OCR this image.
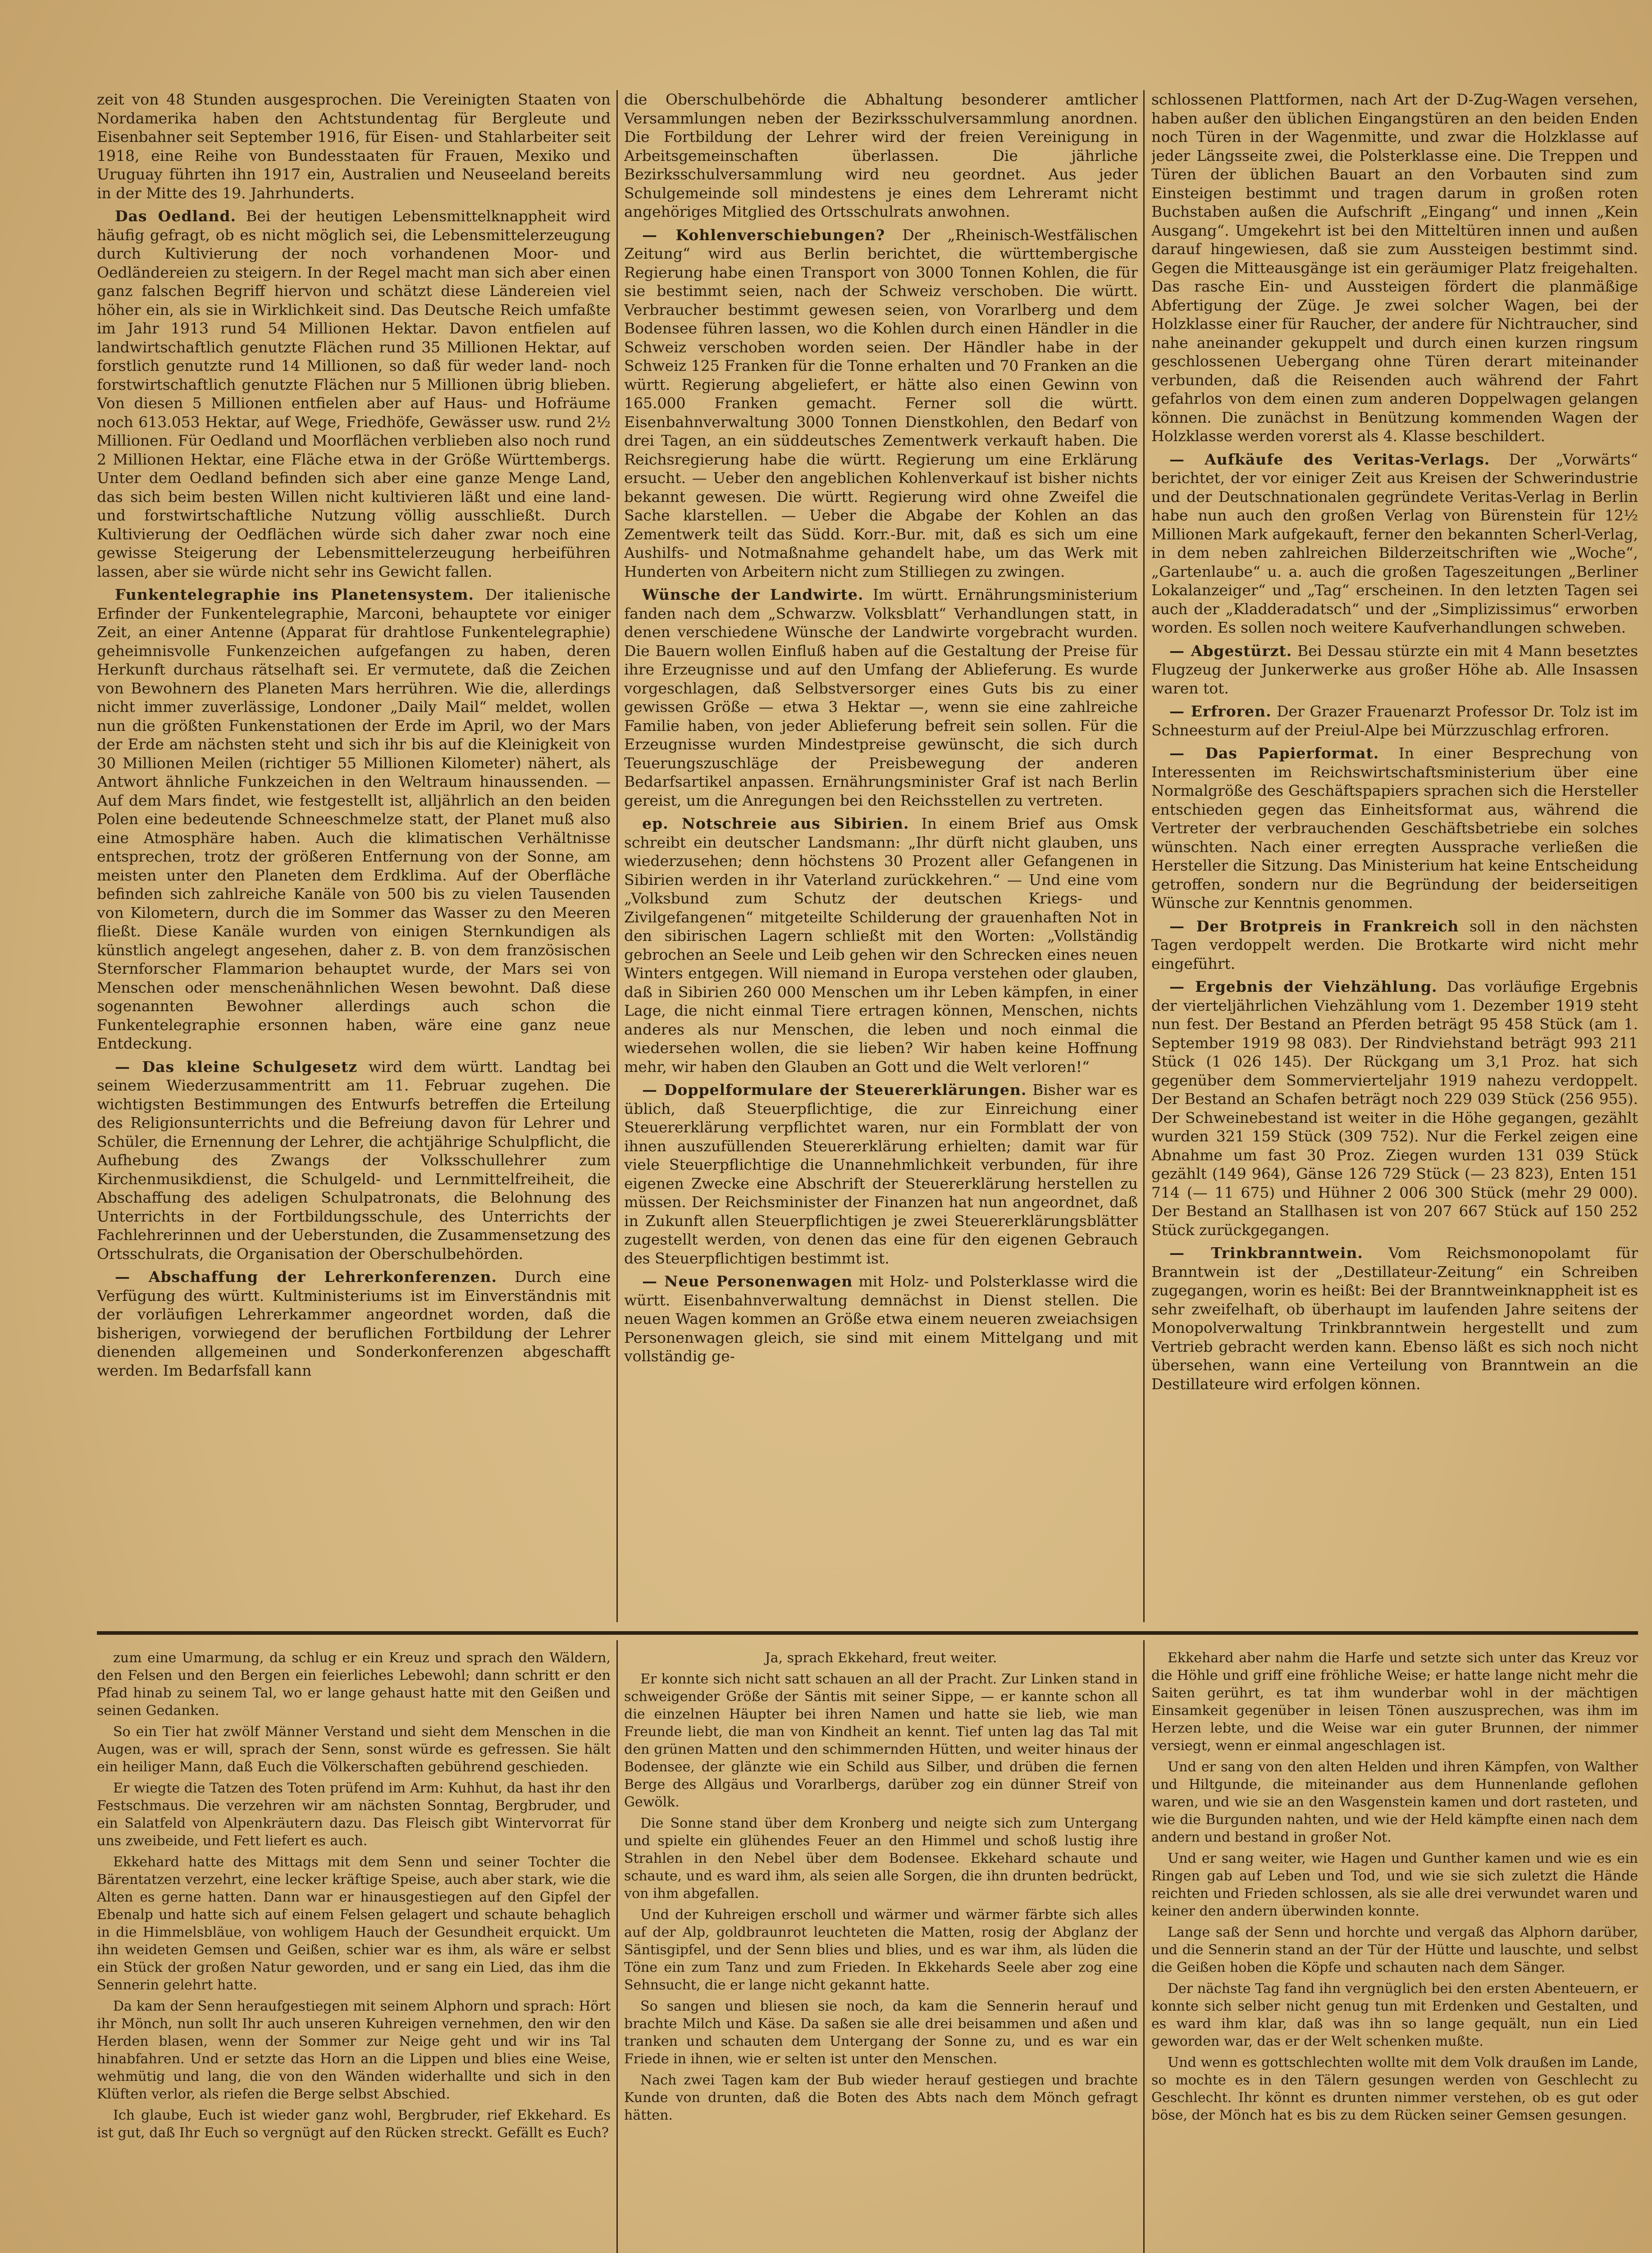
zeit von 48 Stunden ausgesprochen. Die Vereinigten Staaten von Nordamerika haben den Achtstundentag für Bergleute und Eisenbahner seit September 1916, für Eisen- und Stahlarbeiter seit 1918, eine Reihe von Bundesstaaten für Frauen, Mexiko und Uruguay führten ihn 1917 ein, Australien und Neuseeland bereits in der Mitte des 19. Jahrhunderts.

Das Oedland. Bei der heutigen Lebensmittelknappheit wird häufig gefragt, ob es nicht möglich sei, die Lebensmittelerzeugung durch Kultivierung der noch vorhandenen Moor- und Oedländereien zu steigern. In der Regel macht man sich aber einen ganz falschen Begriff hiervon und schätzt diese Ländereien viel höher ein, als sie in Wirklichkeit sind. Das Deutsche Reich umfaßte im Jahr 1913 rund 54 Millionen Hektar. Davon entfielen auf landwirtschaftlich genutzte Flächen rund 35 Millionen Hektar, auf forstlich genutzte rund 14 Millionen, so daß für weder land- noch forstwirtschaftlich genutzte Flächen nur 5 Millionen übrig blieben. Von diesen 5 Millionen entfielen aber auf Haus- und Hofräume noch 613.053 Hektar, auf Wege, Friedhöfe, Gewässer usw. rund 2½ Millionen. Für Oedland und Moorflächen verblieben also noch rund 2 Millionen Hektar, eine Fläche etwa in der Größe Württembergs. Unter dem Oedland befinden sich aber eine ganze Menge Land, das sich beim besten Willen nicht kultivieren läßt und eine land- und forstwirtschaftliche Nutzung völlig ausschließt. Durch Kultivierung der Oedflächen würde sich daher zwar noch eine gewisse Steigerung der Lebensmittelerzeugung herbeiführen lassen, aber sie würde nicht sehr ins Gewicht fallen.

Funkentelegraphie ins Planetensystem. Der italienische Erfinder der Funkentelegraphie, Marconi, behauptete vor einiger Zeit, an einer Antenne (Apparat für drahtlose Funkentelegraphie) geheimnisvolle Funkenzeichen aufgefangen zu haben, deren Herkunft durchaus rätselhaft sei. Er vermutete, daß die Zeichen von Bewohnern des Planeten Mars herrühren. Wie die, allerdings nicht immer zuverlässige, Londoner „Daily Mail“ meldet, wollen nun die größten Funkenstationen der Erde im April, wo der Mars der Erde am nächsten steht und sich ihr bis auf die Kleinigkeit von 30 Millionen Meilen (richtiger 55 Millionen Kilometer) nähert, als Antwort ähnliche Funkzeichen in den Weltraum hinaussenden. — Auf dem Mars findet, wie festgestellt ist, alljährlich an den beiden Polen eine bedeutende Schneeschmelze statt, der Planet muß also eine Atmosphäre haben. Auch die klimatischen Verhältnisse entsprechen, trotz der größeren Entfernung von der Sonne, am meisten unter den Planeten dem Erdklima. Auf der Oberfläche befinden sich zahlreiche Kanäle von 500 bis zu vielen Tausenden von Kilometern, durch die im Sommer das Wasser zu den Meeren fließt. Diese Kanäle wurden von einigen Sternkundigen als künstlich angelegt angesehen, daher z. B. von dem französischen Sternforscher Flammarion behauptet wurde, der Mars sei von Menschen oder menschenähnlichen Wesen bewohnt. Daß diese sogenannten Bewohner allerdings auch schon die Funkentelegraphie ersonnen haben, wäre eine ganz neue Entdeckung.

— Das kleine Schulgesetz wird dem württ. Landtag bei seinem Wiederzusammentritt am 11. Februar zugehen. Die wichtigsten Bestimmungen des Entwurfs betreffen die Erteilung des Religionsunterrichts und die Befreiung davon für Lehrer und Schüler, die Ernennung der Lehrer, die achtjährige Schulpflicht, die Aufhebung des Zwangs der Volksschullehrer zum Kirchenmusikdienst, die Schulgeld- und Lernmittelfreiheit, die Abschaffung des adeligen Schulpatronats, die Belohnung des Unterrichts in der Fortbildungsschule, des Unterrichts der Fachlehrerinnen und der Ueberstunden, die Zusammensetzung des Ortsschulrats, die Organisation der Oberschulbehörden.

— Abschaffung der Lehrerkonferenzen. Durch eine Verfügung des württ. Kultministeriums ist im Einverständnis mit der vorläufigen Lehrerkammer angeordnet worden, daß die bisherigen, vorwiegend der beruflichen Fortbildung der Lehrer dienenden allgemeinen und Sonderkonferenzen abgeschafft werden. Im Bedarfsfall kann

die Oberschulbehörde die Abhaltung besonderer amtlicher Versammlungen neben der Bezirksschulversammlung anordnen. Die Fortbildung der Lehrer wird der freien Vereinigung in Arbeitsgemeinschaften überlassen. Die jährliche Bezirksschulversammlung wird neu geordnet. Aus jeder Schulgemeinde soll mindestens je eines dem Lehreramt nicht angehöriges Mitglied des Ortsschulrats anwohnen.

— Kohlenverschiebungen? Der „Rheinisch-Westfälischen Zeitung“ wird aus Berlin berichtet, die württembergische Regierung habe einen Transport von 3000 Tonnen Kohlen, die für sie bestimmt seien, nach der Schweiz verschoben. Die württ. Verbraucher bestimmt gewesen seien, von Vorarlberg und dem Bodensee führen lassen, wo die Kohlen durch einen Händler in die Schweiz verschoben worden seien. Der Händler habe in der Schweiz 125 Franken für die Tonne erhalten und 70 Franken an die württ. Regierung abgeliefert, er hätte also einen Gewinn von 165.000 Franken gemacht. Ferner soll die württ. Eisenbahnverwaltung 3000 Tonnen Dienstkohlen, den Bedarf von drei Tagen, an ein süddeutsches Zementwerk verkauft haben. Die Reichsregierung habe die württ. Regierung um eine Erklärung ersucht. — Ueber den angeblichen Kohlenverkauf ist bisher nichts bekannt gewesen. Die württ. Regierung wird ohne Zweifel die Sache klarstellen. — Ueber die Abgabe der Kohlen an das Zementwerk teilt das Südd. Korr.-Bur. mit, daß es sich um eine Aushilfs- und Notmaßnahme gehandelt habe, um das Werk mit Hunderten von Arbeitern nicht zum Stilliegen zu zwingen.

Wünsche der Landwirte. Im württ. Ernährungsministerium fanden nach dem „Schwarzw. Volksblatt“ Verhandlungen statt, in denen verschiedene Wünsche der Landwirte vorgebracht wurden. Die Bauern wollen Einfluß haben auf die Gestaltung der Preise für ihre Erzeugnisse und auf den Umfang der Ablieferung. Es wurde vorgeschlagen, daß Selbstversorger eines Guts bis zu einer gewissen Größe — etwa 3 Hektar —, wenn sie eine zahlreiche Familie haben, von jeder Ablieferung befreit sein sollen. Für die Erzeugnisse wurden Mindestpreise gewünscht, die sich durch Teuerungszuschläge der Preisbewegung der anderen Bedarfsartikel anpassen. Ernährungsminister Graf ist nach Berlin gereist, um die Anregungen bei den Reichsstellen zu vertreten.

ep. Notschreie aus Sibirien. In einem Brief aus Omsk schreibt ein deutscher Landsmann: „Ihr dürft nicht glauben, uns wiederzusehen; denn höchstens 30 Prozent aller Gefangenen in Sibirien werden in ihr Vaterland zurückkehren.“ — Und eine vom „Volksbund zum Schutz der deutschen Kriegs- und Zivilgefangenen“ mitgeteilte Schilderung der grauenhaften Not in den sibirischen Lagern schließt mit den Worten: „Vollständig gebrochen an Seele und Leib gehen wir den Schrecken eines neuen Winters entgegen. Will niemand in Europa verstehen oder glauben, daß in Sibirien 260 000 Menschen um ihr Leben kämpfen, in einer Lage, die nicht einmal Tiere ertragen können, Menschen, nichts anderes als nur Menschen, die leben und noch einmal die wiedersehen wollen, die sie lieben? Wir haben keine Hoffnung mehr, wir haben den Glauben an Gott und die Welt verloren!“

— Doppelformulare der Steuererklärungen. Bisher war es üblich, daß Steuerpflichtige, die zur Einreichung einer Steuererklärung verpflichtet waren, nur ein Formblatt der von ihnen auszufüllenden Steuererklärung erhielten; damit war für viele Steuerpflichtige die Unannehmlichkeit verbunden, für ihre eigenen Zwecke eine Abschrift der Steuererklärung herstellen zu müssen. Der Reichsminister der Finanzen hat nun angeordnet, daß in Zukunft allen Steuerpflichtigen je zwei Steuererklärungsblätter zugestellt werden, von denen das eine für den eigenen Gebrauch des Steuerpflichtigen bestimmt ist.

— Neue Personenwagen mit Holz- und Polsterklasse wird die württ. Eisenbahnverwaltung demnächst in Dienst stellen. Die neuen Wagen kommen an Größe etwa einem neueren zweiachsigen Personenwagen gleich, sie sind mit einem Mittelgang und mit vollständig ge-

schlossenen Plattformen, nach Art der D-Zug-Wagen versehen, haben außer den üblichen Eingangstüren an den beiden Enden noch Türen in der Wagenmitte, und zwar die Holzklasse auf jeder Längsseite zwei, die Polsterklasse eine. Die Treppen und Türen der üblichen Bauart an den Vorbauten sind zum Einsteigen bestimmt und tragen darum in großen roten Buchstaben außen die Aufschrift „Eingang“ und innen „Kein Ausgang“. Umgekehrt ist bei den Mitteltüren innen und außen darauf hingewiesen, daß sie zum Aussteigen bestimmt sind. Gegen die Mitteausgänge ist ein geräumiger Platz freigehalten. Das rasche Ein- und Aussteigen fördert die planmäßige Abfertigung der Züge. Je zwei solcher Wagen, bei der Holzklasse einer für Raucher, der andere für Nichtraucher, sind nahe aneinander gekuppelt und durch einen kurzen ringsum geschlossenen Uebergang ohne Türen derart miteinander verbunden, daß die Reisenden auch während der Fahrt gefahrlos von dem einen zum anderen Doppelwagen gelangen können. Die zunächst in Benützung kommenden Wagen der Holzklasse werden vorerst als 4. Klasse beschildert.

— Aufkäufe des Veritas-Verlags. Der „Vorwärts“ berichtet, der vor einiger Zeit aus Kreisen der Schwerindustrie und der Deutschnationalen gegründete Veritas-Verlag in Berlin habe nun auch den großen Verlag von Bürenstein für 12½ Millionen Mark aufgekauft, ferner den bekannten Scherl-Verlag, in dem neben zahlreichen Bilderzeitschriften wie „Woche“, „Gartenlaube“ u. a. auch die großen Tageszeitungen „Berliner Lokalanzeiger“ und „Tag“ erscheinen. In den letzten Tagen sei auch der „Kladderadatsch“ und der „Simplizissimus“ erworben worden. Es sollen noch weitere Kaufverhandlungen schweben.

— Abgestürzt. Bei Dessau stürzte ein mit 4 Mann besetztes Flugzeug der Junkerwerke aus großer Höhe ab. Alle Insassen waren tot.

— Erfroren. Der Grazer Frauenarzt Professor Dr. Tolz ist im Schneesturm auf der Preiul-Alpe bei Mürzzuschlag erfroren.

— Das Papierformat. In einer Besprechung von Interessenten im Reichswirtschaftsministerium über eine Normalgröße des Geschäftspapiers sprachen sich die Hersteller entschieden gegen das Einheitsformat aus, während die Vertreter der verbrauchenden Geschäftsbetriebe ein solches wünschten. Nach einer erregten Aussprache verließen die Hersteller die Sitzung. Das Ministerium hat keine Entscheidung getroffen, sondern nur die Begründung der beiderseitigen Wünsche zur Kenntnis genommen.

— Der Brotpreis in Frankreich soll in den nächsten Tagen verdoppelt werden. Die Brotkarte wird nicht mehr eingeführt.

— Ergebnis der Viehzählung. Das vorläufige Ergebnis der vierteljährlichen Viehzählung vom 1. Dezember 1919 steht nun fest. Der Bestand an Pferden beträgt 95 458 Stück (am 1. September 1919 98 083). Der Rindviehstand beträgt 993 211 Stück (1 026 145). Der Rückgang um 3,1 Proz. hat sich gegenüber dem Sommervierteljahr 1919 nahezu verdoppelt. Der Bestand an Schafen beträgt noch 229 039 Stück (256 955). Der Schweinebestand ist weiter in die Höhe gegangen, gezählt wurden 321 159 Stück (309 752). Nur die Ferkel zeigen eine Abnahme um fast 30 Proz. Ziegen wurden 131 039 Stück gezählt (149 964), Gänse 126 729 Stück (— 23 823), Enten 151 714 (— 11 675) und Hühner 2 006 300 Stück (mehr 29 000). Der Bestand an Stallhasen ist von 207 667 Stück auf 150 252 Stück zurückgegangen.

— Trinkbranntwein. Vom Reichsmonopolamt für Branntwein ist der „Destillateur-Zeitung“ ein Schreiben zugegangen, worin es heißt: Bei der Branntweinknappheit ist es sehr zweifelhaft, ob überhaupt im laufenden Jahre seitens der Monopolverwaltung Trinkbranntwein hergestellt und zum Vertrieb gebracht werden kann. Ebenso läßt es sich noch nicht übersehen, wann eine Verteilung von Branntwein an die Destillateure wird erfolgen können.

zum eine Umarmung, da schlug er ein Kreuz und sprach den Wäldern, den Felsen und den Bergen ein feierliches Lebewohl; dann schritt er den Pfad hinab zu seinem Tal, wo er lange gehaust hatte mit den Geißen und seinen Gedanken.

So ein Tier hat zwölf Männer Verstand und sieht dem Menschen in die Augen, was er will, sprach der Senn, sonst würde es gefressen. Sie hält ein heiliger Mann, daß Euch die Völkerschaften gebührend geschieden.

Er wiegte die Tatzen des Toten prüfend im Arm: Kuhhut, da hast ihr den Festschmaus. Die verzehren wir am nächsten Sonntag, Bergbruder, und ein Salatfeld von Alpenkräutern dazu. Das Fleisch gibt Wintervorrat für uns zweibeide, und Fett liefert es auch.

Ekkehard hatte des Mittags mit dem Senn und seiner Tochter die Bärentatzen verzehrt, eine lecker kräftige Speise, auch aber stark, wie die Alten es gerne hatten. Dann war er hinausgestiegen auf den Gipfel der Ebenalp und hatte sich auf einem Felsen gelagert und schaute behaglich in die Himmelsbläue, von wohligem Hauch der Gesundheit erquickt. Um ihn weideten Gemsen und Geißen, schier war es ihm, als wäre er selbst ein Stück der großen Natur geworden, und er sang ein Lied, das ihm die Sennerin gelehrt hatte.

Da kam der Senn heraufgestiegen mit seinem Alphorn und sprach: Hört ihr Mönch, nun sollt Ihr auch unseren Kuhreigen vernehmen, den wir den Herden blasen, wenn der Sommer zur Neige geht und wir ins Tal hinabfahren. Und er setzte das Horn an die Lippen und blies eine Weise, wehmütig und lang, die von den Wänden widerhallte und sich in den Klüften verlor, als riefen die Berge selbst Abschied.

Ich glaube, Euch ist wieder ganz wohl, Bergbruder, rief Ekkehard. Es ist gut, daß Ihr Euch so vergnügt auf den Rücken streckt. Gefällt es Euch?

Ja, sprach Ekkehard, freut weiter.

Er konnte sich nicht satt schauen an all der Pracht. Zur Linken stand in schweigender Größe der Säntis mit seiner Sippe, — er kannte schon all die einzelnen Häupter bei ihren Namen und hatte sie lieb, wie man Freunde liebt, die man von Kindheit an kennt. Tief unten lag das Tal mit den grünen Matten und den schimmernden Hütten, und weiter hinaus der Bodensee, der glänzte wie ein Schild aus Silber, und drüben die fernen Berge des Allgäus und Vorarlbergs, darüber zog ein dünner Streif von Gewölk.

Die Sonne stand über dem Kronberg und neigte sich zum Untergang und spielte ein glühendes Feuer an den Himmel und schoß lustig ihre Strahlen in den Nebel über dem Bodensee. Ekkehard schaute und schaute, und es ward ihm, als seien alle Sorgen, die ihn drunten bedrückt, von ihm abgefallen.

Und der Kuhreigen erscholl und wärmer und wärmer färbte sich alles auf der Alp, goldbraunrot leuchteten die Matten, rosig der Abglanz der Säntisgipfel, und der Senn blies und blies, und es war ihm, als lüden die Töne ein zum Tanz und zum Frieden. In Ekkehards Seele aber zog eine Sehnsucht, die er lange nicht gekannt hatte.

So sangen und bliesen sie noch, da kam die Sennerin herauf und brachte Milch und Käse. Da saßen sie alle drei beisammen und aßen und tranken und schauten dem Untergang der Sonne zu, und es war ein Friede in ihnen, wie er selten ist unter den Menschen.

Nach zwei Tagen kam der Bub wieder herauf gestiegen und brachte Kunde von drunten, daß die Boten des Abts nach dem Mönch gefragt hätten.

Ekkehard aber nahm die Harfe und setzte sich unter das Kreuz vor die Höhle und griff eine fröhliche Weise; er hatte lange nicht mehr die Saiten gerührt, es tat ihm wunderbar wohl in der mächtigen Einsamkeit gegenüber in leisen Tönen auszusprechen, was ihm im Herzen lebte, und die Weise war ein guter Brunnen, der nimmer versiegt, wenn er einmal angeschlagen ist.

Und er sang von den alten Helden und ihren Kämpfen, von Walther und Hiltgunde, die miteinander aus dem Hunnenlande geflohen waren, und wie sie an den Wasgenstein kamen und dort rasteten, und wie die Burgunden nahten, und wie der Held kämpfte einen nach dem andern und bestand in großer Not.

Und er sang weiter, wie Hagen und Gunther kamen und wie es ein Ringen gab auf Leben und Tod, und wie sie sich zuletzt die Hände reichten und Frieden schlossen, als sie alle drei verwundet waren und keiner den andern überwinden konnte.

Lange saß der Senn und horchte und vergaß das Alphorn darüber, und die Sennerin stand an der Tür der Hütte und lauschte, und selbst die Geißen hoben die Köpfe und schauten nach dem Sänger.

Der nächste Tag fand ihn vergnüglich bei den ersten Abenteuern, er konnte sich selber nicht genug tun mit Erdenken und Gestalten, und es ward ihm klar, daß was ihn so lange gequält, nun ein Lied geworden war, das er der Welt schenken mußte.

Und wenn es gottschlechten wollte mit dem Volk draußen im Lande, so mochte es in den Tälern gesungen werden von Geschlecht zu Geschlecht. Ihr könnt es drunten nimmer verstehen, ob es gut oder böse, der Mönch hat es bis zu dem Rücken seiner Gemsen gesungen.
